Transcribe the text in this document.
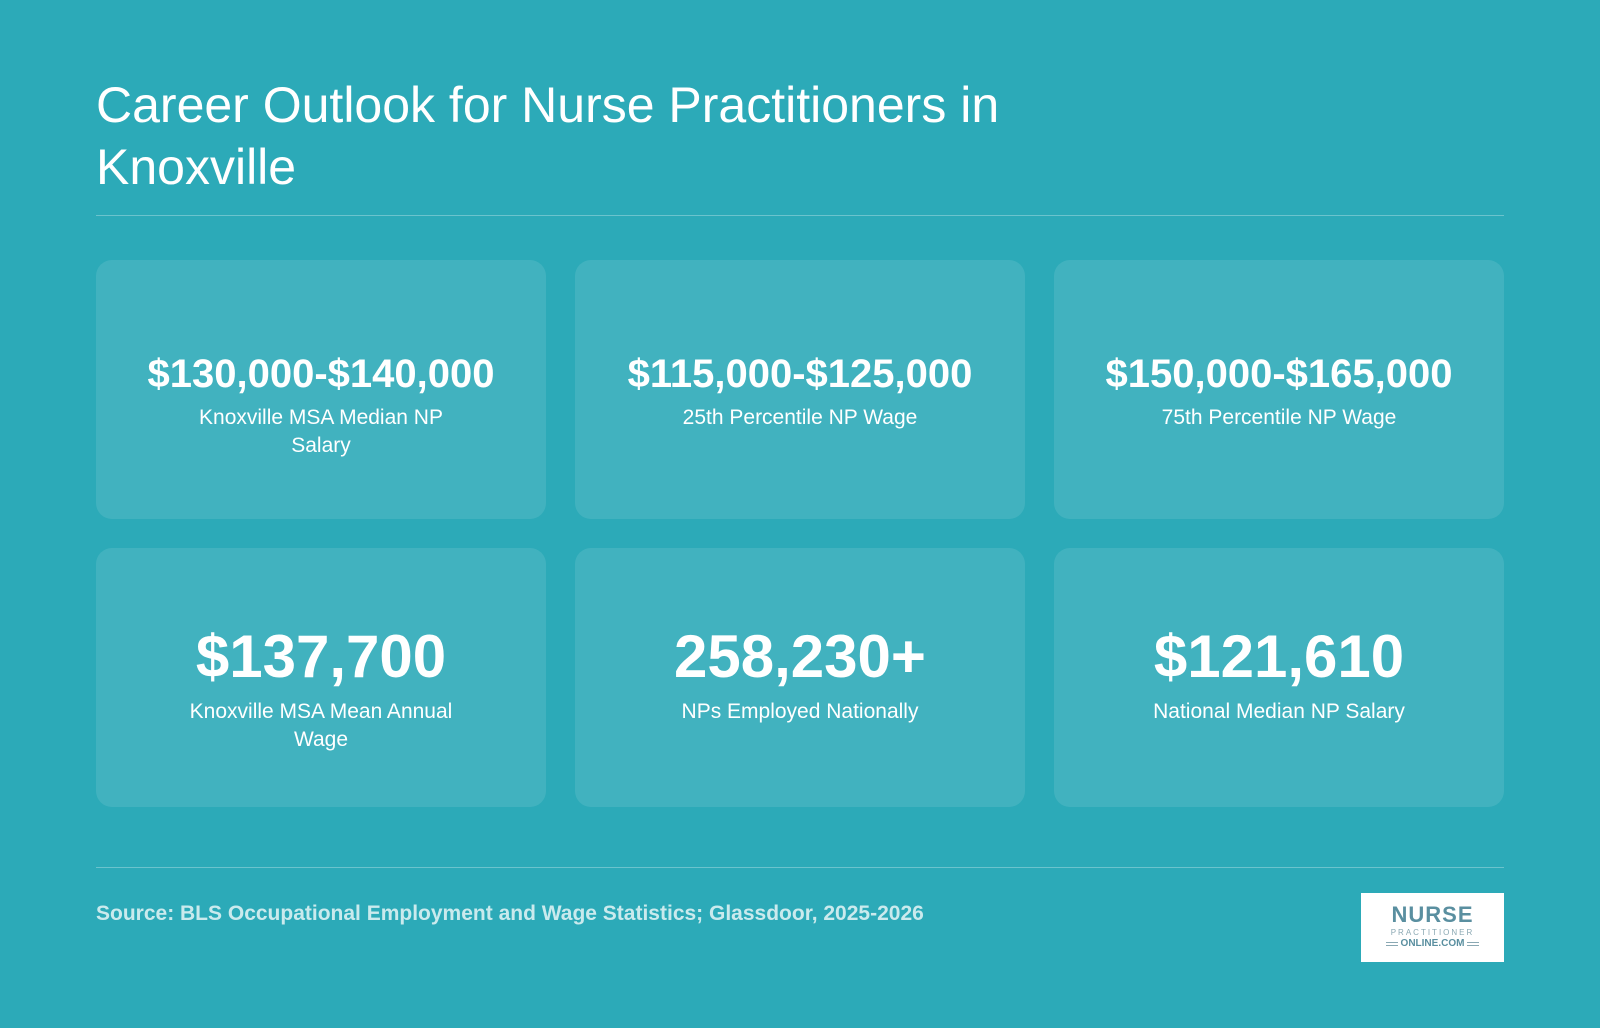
Career Outlook for Nurse Practitioners in Knoxville
$130,000-$140,000
Knoxville MSA Median NP Salary
$115,000-$125,000
25th Percentile NP Wage
$150,000-$165,000
75th Percentile NP Wage
$137,700
Knoxville MSA Mean Annual Wage
258,230+
NPs Employed Nationally
$121,610
National Median NP Salary
Source: BLS Occupational Employment and Wage Statistics; Glassdoor, 2025-2026	NURSE
PRACTITIONER
ONLINE.COM
